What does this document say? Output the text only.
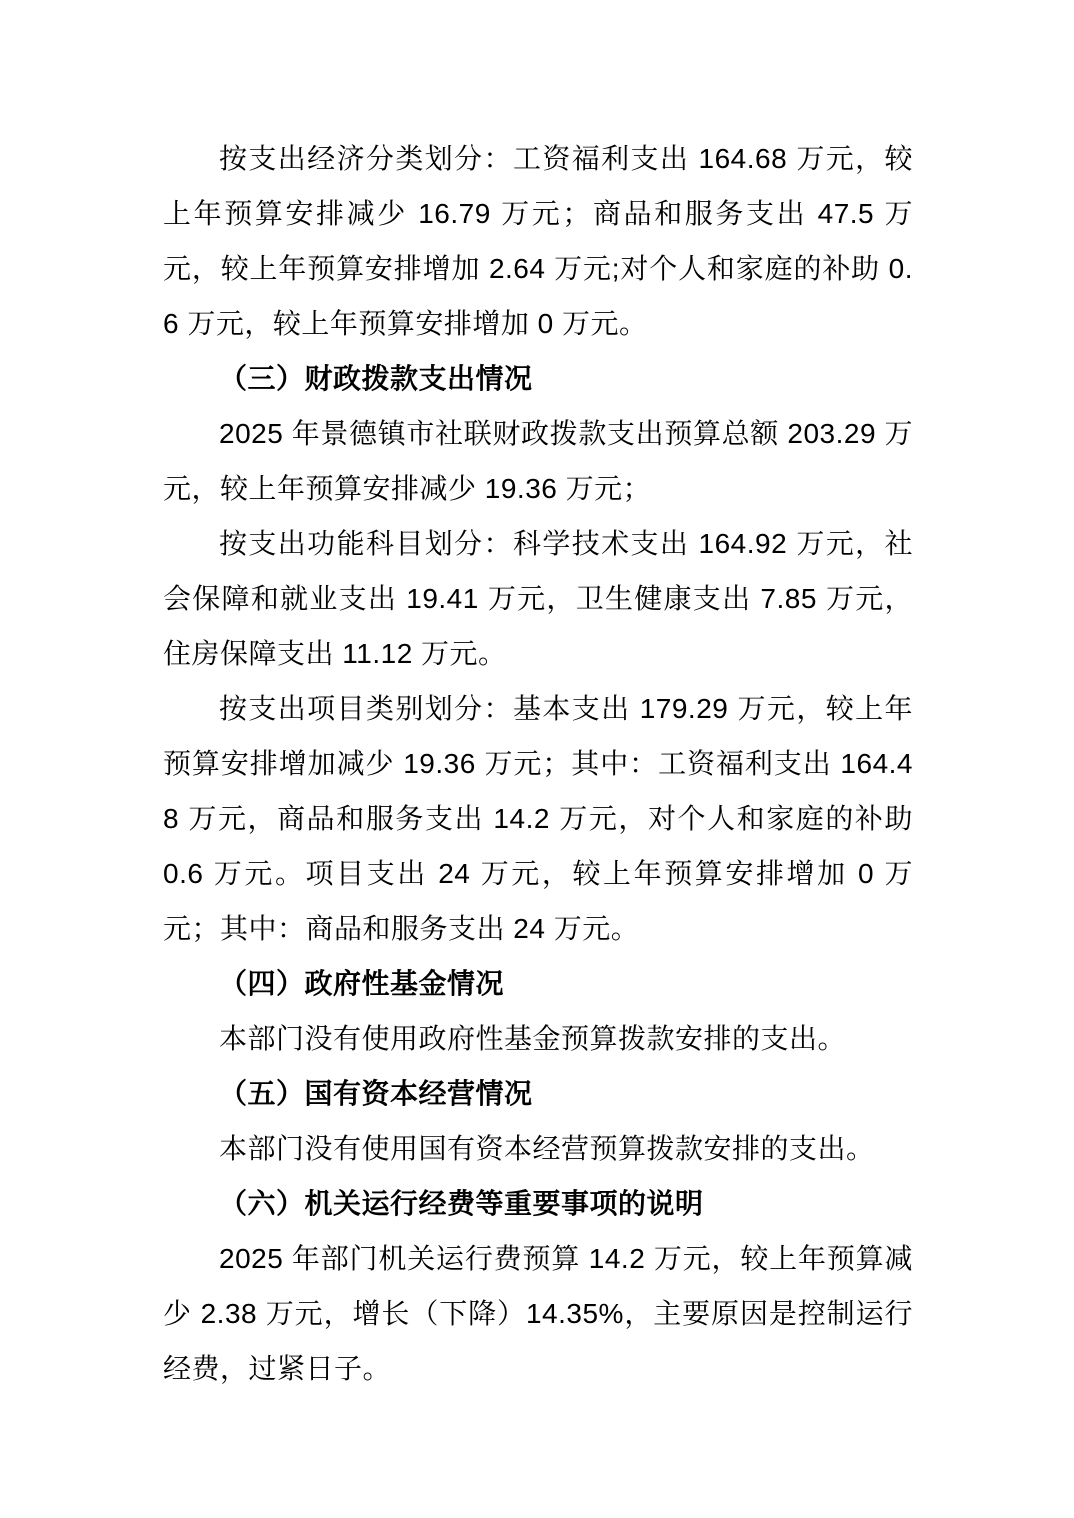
按支出经济分类划分：工资福利支出 164.68 万元，较上年预算安排减少 16.79 万元；商品和服务支出 47.5 万元，较上年预算安排增加 2.64 万元;对个人和家庭的补助 0.6 万元，较上年预算安排增加 0 万元。

（三）财政拨款支出情况

2025 年景德镇市社联财政拨款支出预算总额 203.29 万元，较上年预算安排减少 19.36 万元；

按支出功能科目划分：科学技术支出 164.92 万元，社会保障和就业支出 19.41 万元，卫生健康支出 7.85 万元，住房保障支出 11.12 万元。

按支出项目类别划分：基本支出 179.29 万元，较上年预算安排增加减少 19.36 万元；其中：工资福利支出 164.48 万元，商品和服务支出 14.2 万元，对个人和家庭的补助 0.6 万元。项目支出 24 万元，较上年预算安排增加 0 万元；其中：商品和服务支出 24 万元。

（四）政府性基金情况

本部门没有使用政府性基金预算拨款安排的支出。

（五）国有资本经营情况

本部门没有使用国有资本经营预算拨款安排的支出。

（六）机关运行经费等重要事项的说明

2025 年部门机关运行费预算 14.2 万元，较上年预算减少 2.38 万元，增长（下降）14.35%，主要原因是控制运行经费，过紧日子。
